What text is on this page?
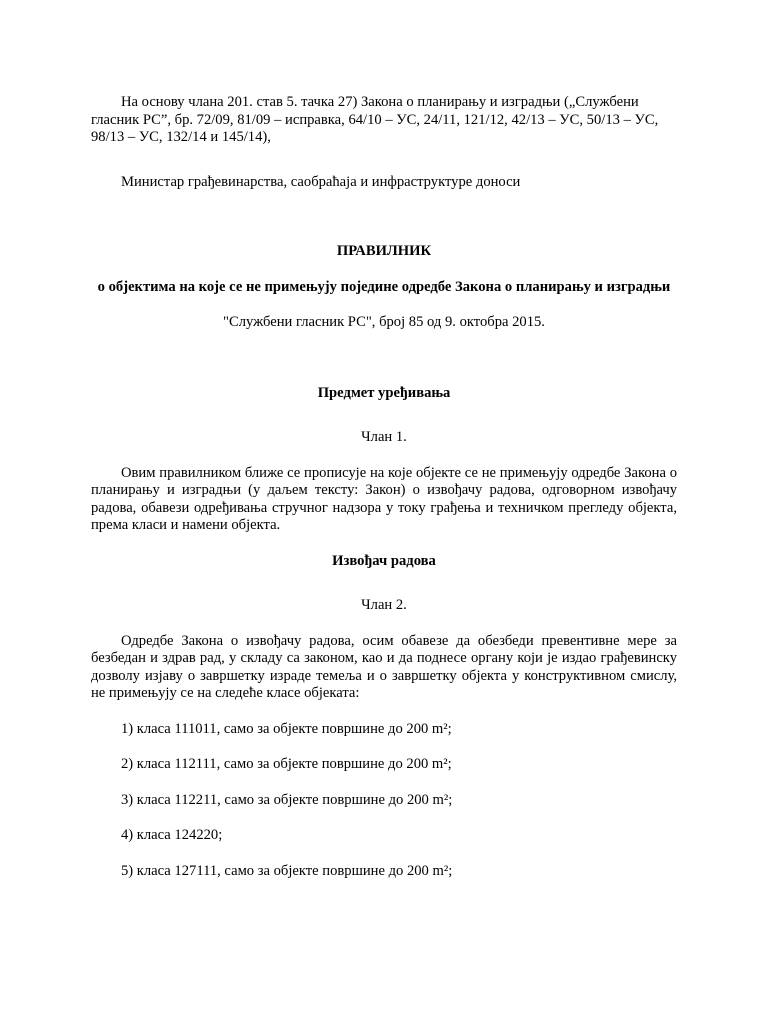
На основу члана 201. став 5. тачка 27) Закона о планирању и изградњи („Службени гласник РС”, бр. 72/09, 81/09 – исправка, 64/10 – УС, 24/11, 121/12, 42/13 – УС, 50/13 – УС, 98/13 – УС, 132/14 и 145/14),

Министар грађевинарства, саобраћаја и инфраструктуре доноси

ПРАВИЛНИК

о објектима на које се не примењују поједине одредбе Закона о планирању и изградњи

"Службени гласник РС", број 85 од 9. октобра 2015.

Предмет уређивања

Члан 1.

Овим правилником ближе се прописује на које објекте се не примењују одредбе Закона о планирању и изградњи (у даљем тексту: Закон) о извођачу радова, одговорном извођачу радова, обавези одређивања стручног надзора у току грађења и техничком прегледу објекта, према класи и намени објекта.

Извођач радова

Члан 2.

Одредбе Закона о извођачу радова, осим обавезе да обезбеди превентивне мере за безбедан и здрав рад, у складу са законом, као и да поднесе органу који је издао грађевинску дозволу изјаву о завршетку израде темеља и о завршетку објекта у конструктивном смислу, не примењују се на следеће класе објеката:

1) класа 111011, само за објекте површине до 200 m²;

2) класа 112111, само за објекте површине до 200 m²;

3) класа 112211, само за објекте површине до 200 m²;

4) класа 124220;

5) класа 127111, само за објекте површине до 200 m²;
